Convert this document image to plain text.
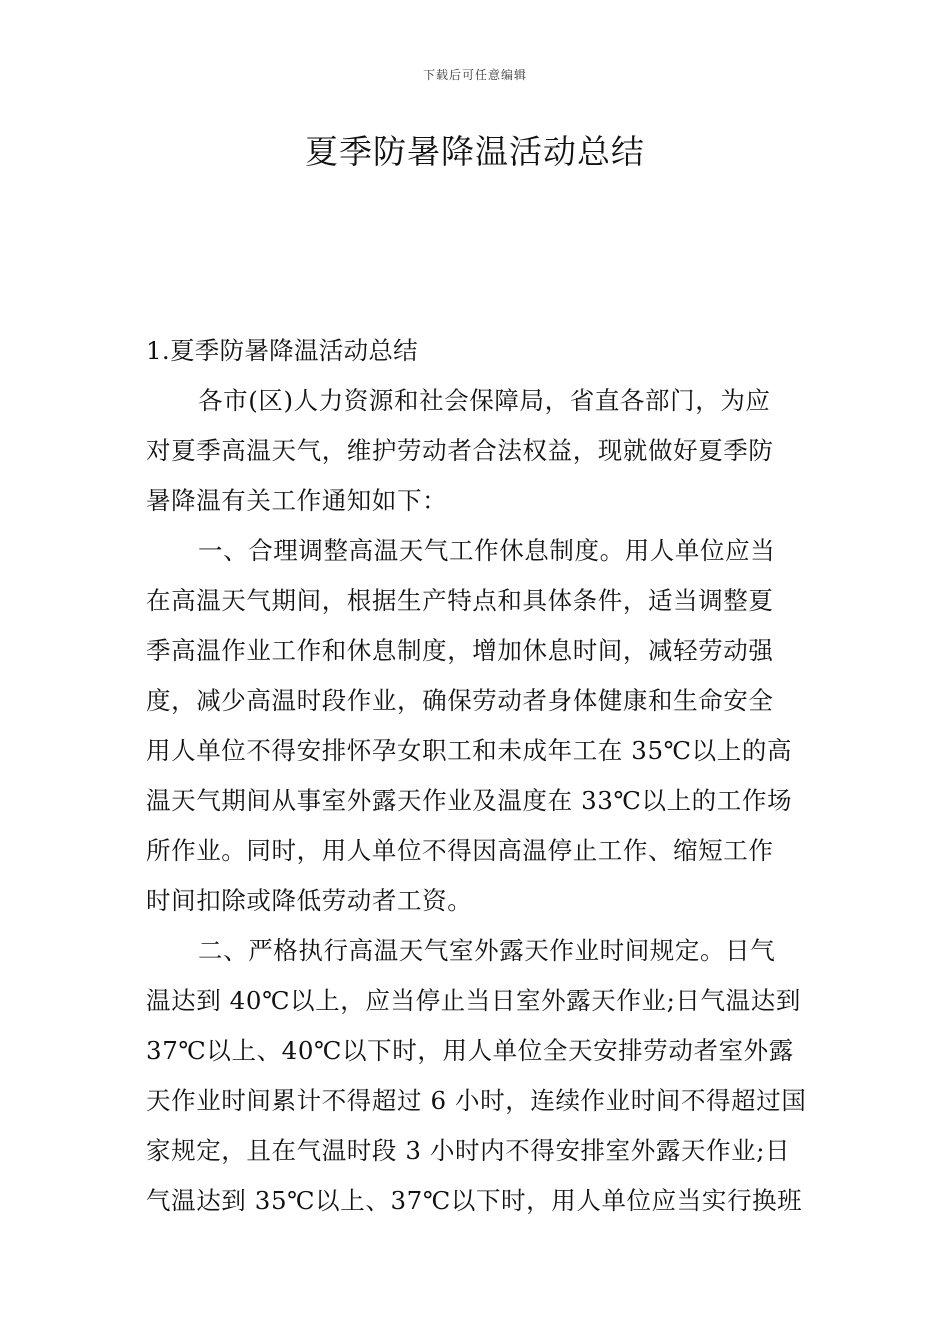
下载后可任意编辑
夏季防暑降温活动总结
1.夏季防暑降温活动总结
各市(区)人力资源和社会保障局，省直各部门，为应
对夏季高温天气，维护劳动者合法权益，现就做好夏季防
暑降温有关工作通知如下：
一、合理调整高温天气工作休息制度。用人单位应当
在高温天气期间，根据生产特点和具体条件，适当调整夏
季高温作业工作和休息制度，增加休息时间，减轻劳动强
度，减少高温时段作业，确保劳动者身体健康和生命安全
用人单位不得安排怀孕女职工和未成年工在 35℃以上的高
温天气期间从事室外露天作业及温度在 33℃以上的工作场
所作业。同时，用人单位不得因高温停止工作、缩短工作
时间扣除或降低劳动者工资。
二、严格执行高温天气室外露天作业时间规定。日气
温达到 40℃以上，应当停止当日室外露天作业;日气温达到
37℃以上、40℃以下时，用人单位全天安排劳动者室外露
天作业时间累计不得超过 6 小时，连续作业时间不得超过国
家规定，且在气温时段 3 小时内不得安排室外露天作业;日
气温达到 35℃以上、37℃以下时，用人单位应当实行换班
